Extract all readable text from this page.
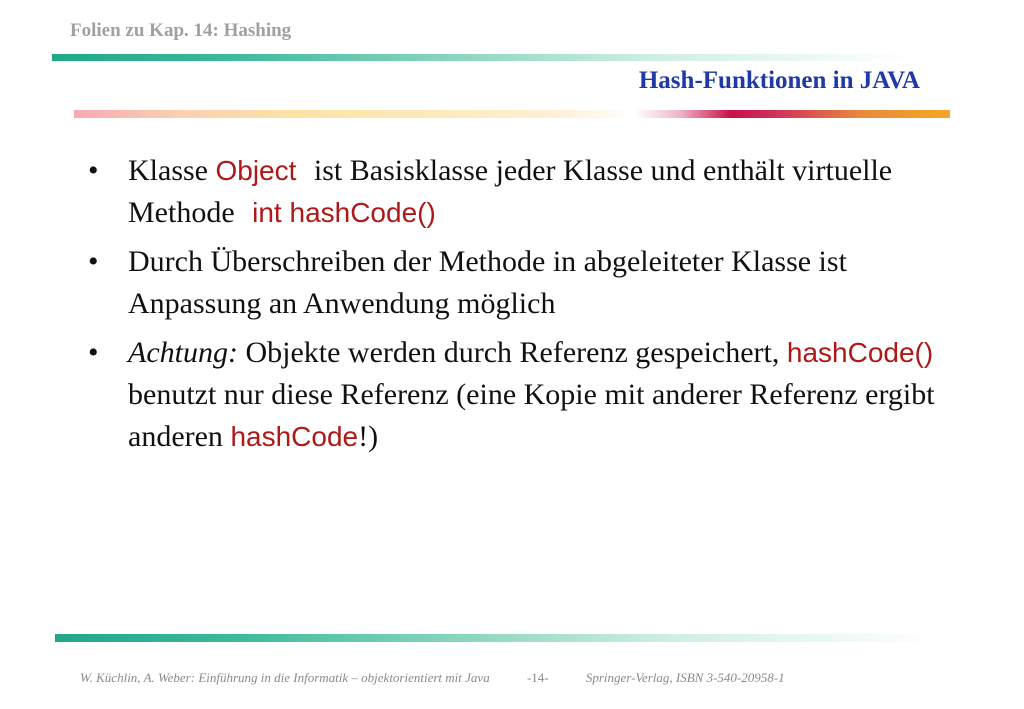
Folien zu Kap. 14: Hashing
Hash-Funktionen in JAVA
• Klasse Object ist Basisklasse jeder Klasse und enthält virtuelle Methode int hashCode()
• Durch Überschreiben der Methode in abgeleiteter Klasse ist Anpassung an Anwendung möglich
• Achtung: Objekte werden durch Referenz gespeichert, hashCode() benutzt nur diese Referenz (eine Kopie mit anderer Referenz ergibt anderen hashCode!)
W. Küchlin, A. Weber: Einführung in die Informatik – objektorientiert mit Java	-14-	Springer-Verlag, ISBN 3-540-20958-1
